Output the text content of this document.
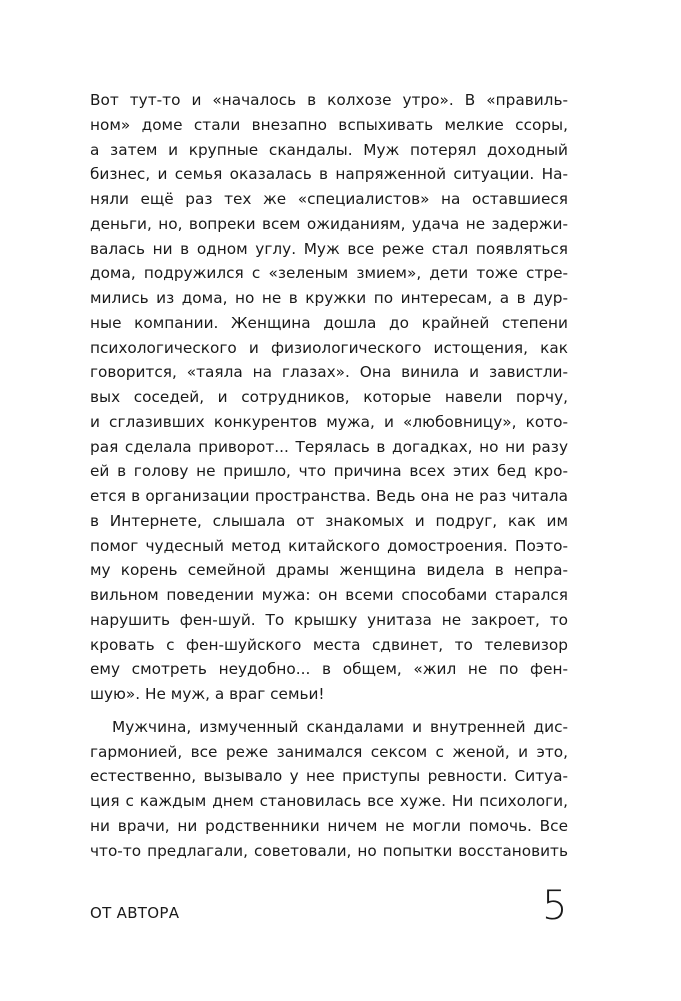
Вот тут-то и «началось в колхозе утро». В «правиль-
ном» доме стали внезапно вспыхивать мелкие ссоры,
а затем и крупные скандалы. Муж потерял доходный
бизнес, и семья оказалась в напряженной ситуации. На-
няли ещё раз тех же «специалистов» на оставшиеся
деньги, но, вопреки всем ожиданиям, удача не задержи-
валась ни в одном углу. Муж все реже стал появляться
дома, подружился с «зеленым змием», дети тоже стре-
мились из дома, но не в кружки по интересам, а в дур-
ные компании. Женщина дошла до крайней степени
психологического и физиологического истощения, как
говорится, «таяла на глазах». Она винила и завистли-
вых соседей, и сотрудников, которые навели порчу,
и сглазивших конкурентов мужа, и «любовницу», кото-
рая сделала приворот... Терялась в догадках, но ни разу
ей в голову не пришло, что причина всех этих бед кро-
ется в организации пространства. Ведь она не раз читала
в Интернете, слышала от знакомых и подруг, как им
помог чудесный метод китайского домостроения. Поэто-
му корень семейной драмы женщина видела в непра-
вильном поведении мужа: он всеми способами старался
нарушить фен-шуй. То крышку унитаза не закроет, то
кровать с фен-шуйского места сдвинет, то телевизор
ему смотреть неудобно... в общем, «жил не по фен-
шую». Не муж, а враг семьи!
Мужчина, измученный скандалами и внутренней дис-
гармонией, все реже занимался сексом с женой, и это,
естественно, вызывало у нее приступы ревности. Ситуа-
ция с каждым днем становилась все хуже. Ни психологи,
ни врачи, ни родственники ничем не могли помочь. Все
что-то предлагали, советовали, но попытки восстановить
ОТ АВТОРА	5
